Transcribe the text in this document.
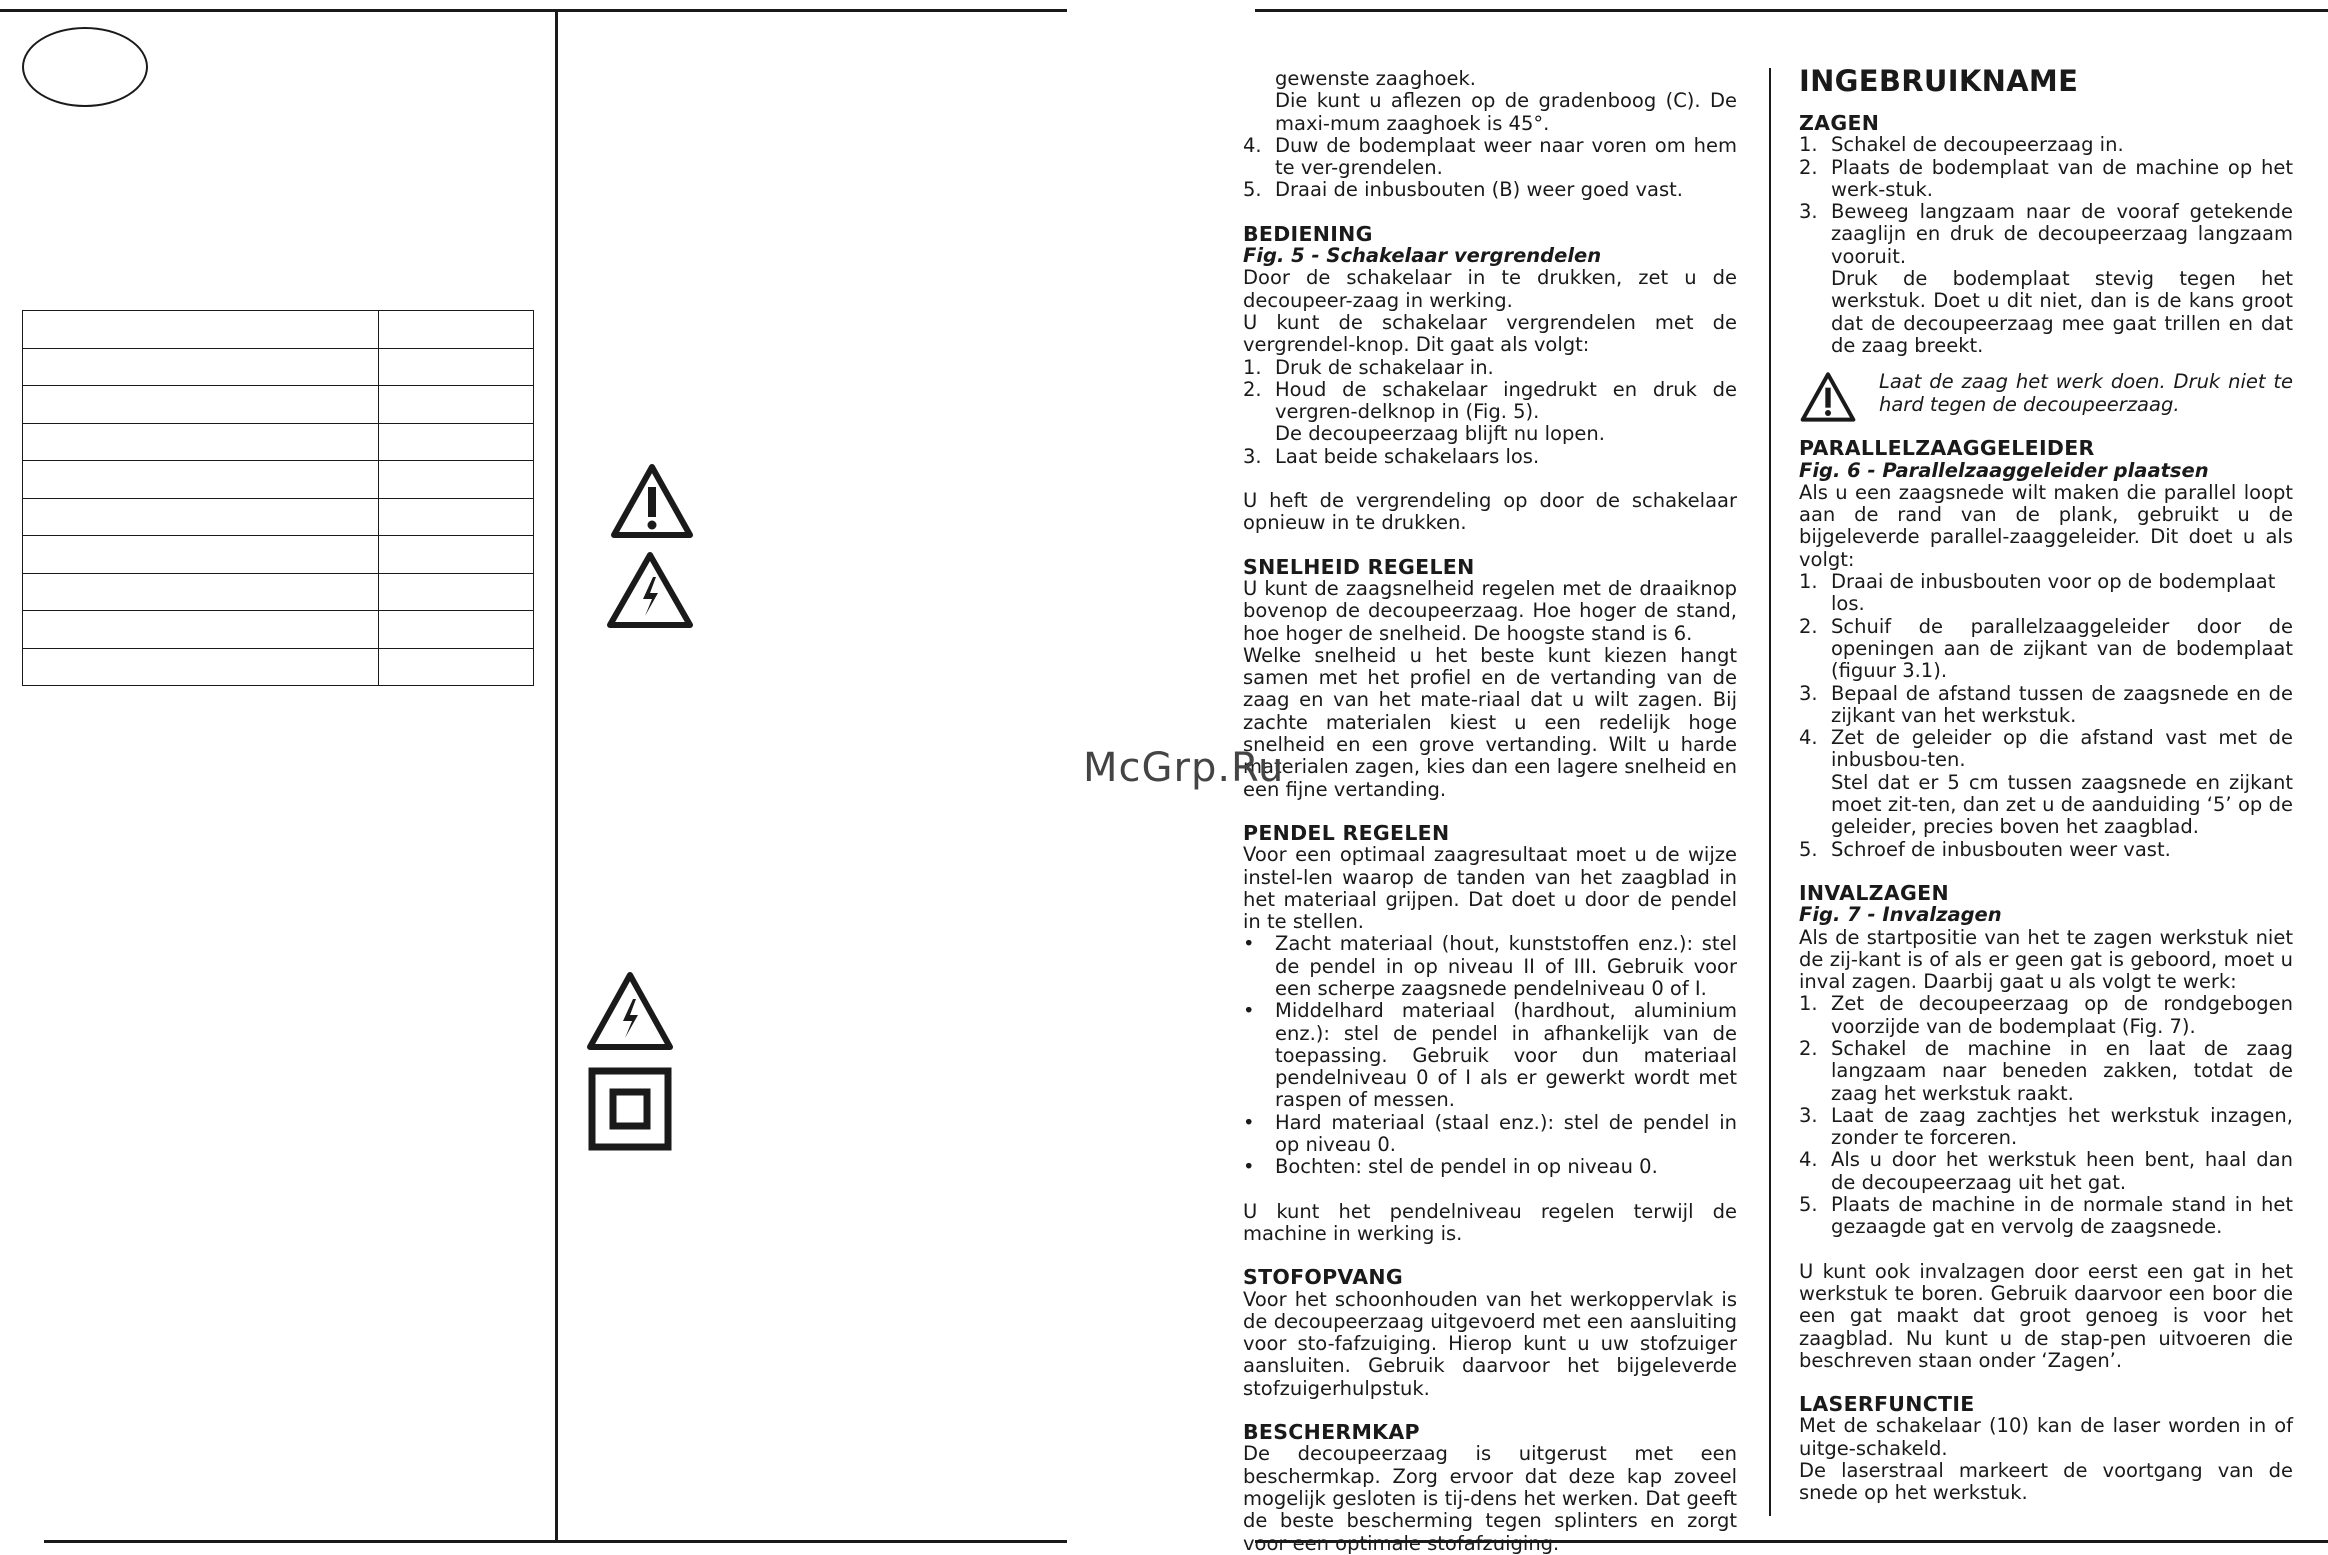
gewenste zaaghoek.

Die kunt u aflezen op de gradenboog (C). De maxi-mum zaaghoek is 45°.

4. Duw de bodemplaat weer naar voren om hem te ver-grendelen.
5. Draai de inbusbouten (B) weer goed vast.

BEDIENING

Fig. 5 - Schakelaar vergrendelen

Door de schakelaar in te drukken, zet u de decoupeer-zaag in werking.

U kunt de schakelaar vergrendelen met de vergrendel-knop. Dit gaat als volgt:

1. Druk de schakelaar in.
2. Houd de schakelaar ingedrukt en druk de vergren-delknop in (Fig. 5).
De decoupeerzaag blijft nu lopen.
3. Laat beide schakelaars los.

U heft de vergrendeling op door de schakelaar opnieuw in te drukken.

SNELHEID REGELEN

U kunt de zaagsnelheid regelen met de draaiknop bovenop de decoupeerzaag. Hoe hoger de stand, hoe hoger de snelheid. De hoogste stand is 6.

Welke snelheid u het beste kunt kiezen hangt samen met het profiel en de vertanding van de zaag en van het mate-riaal dat u wilt zagen. Bij zachte materialen kiest u een redelijk hoge snelheid en een grove vertanding. Wilt u harde materialen zagen, kies dan een lagere snelheid en een fijne vertanding.

PENDEL REGELEN

Voor een optimaal zaagresultaat moet u de wijze instel-len waarop de tanden van het zaagblad in het materiaal grijpen. Dat doet u door de pendel in te stellen.

• Zacht materiaal (hout, kunststoffen enz.): stel de pendel in op niveau II of III. Gebruik voor een scherpe zaagsnede pendelniveau 0 of I.
• Middelhard materiaal (hardhout, aluminium enz.): stel de pendel in afhankelijk van de toepassing. Gebruik voor dun materiaal pendelniveau 0 of I als er gewerkt wordt met raspen of messen.
• Hard materiaal (staal enz.): stel de pendel in op niveau 0.
• Bochten: stel de pendel in op niveau 0.

U kunt het pendelniveau regelen terwijl de machine in werking is.

STOFOPVANG

Voor het schoonhouden van het werkoppervlak is de decoupeerzaag uitgevoerd met een aansluiting voor sto-fafzuiging. Hierop kunt u uw stofzuiger aansluiten. Gebruik daarvoor het bijgeleverde stofzuigerhulpstuk.

BESCHERMKAP

De decoupeerzaag is uitgerust met een beschermkap. Zorg ervoor dat deze kap zoveel mogelijk gesloten is tij-dens het werken. Dat geeft de beste bescherming tegen splinters en zorgt voor een optimale stofafzuiging.

INGEBRUIKNAME

ZAGEN

1. Schakel de decoupeerzaag in.
2. Plaats de bodemplaat van de machine op het werk-stuk.
3. Beweeg langzaam naar de vooraf getekende zaaglijn en druk de decoupeerzaag langzaam vooruit.
Druk de bodemplaat stevig tegen het werkstuk. Doet u dit niet, dan is de kans groot dat de decoupeerzaag mee gaat trillen en dat de zaag breekt.

Laat de zaag het werk doen. Druk niet te hard tegen de decoupeerzaag.

PARALLELZAAGGELEIDER

Fig. 6 - Parallelzaaggeleider plaatsen

Als u een zaagsnede wilt maken die parallel loopt aan de rand van de plank, gebruikt u de bijgeleverde parallel-zaaggeleider. Dit doet u als volgt:

1. Draai de inbusbouten voor op de bodemplaat los.
2. Schuif de parallelzaaggeleider door de openingen aan de zijkant van de bodemplaat (figuur 3.1).
3. Bepaal de afstand tussen de zaagsnede en de zijkant van het werkstuk.
4. Zet de geleider op die afstand vast met de inbusbou-ten.
Stel dat er 5 cm tussen zaagsnede en zijkant moet zit-ten, dan zet u de aanduiding ‘5’ op de geleider, precies boven het zaagblad.
5. Schroef de inbusbouten weer vast.

INVALZAGEN

Fig. 7 - Invalzagen

Als de startpositie van het te zagen werkstuk niet de zij-kant is of als er geen gat is geboord, moet u inval zagen. Daarbij gaat u als volgt te werk:

1. Zet de decoupeerzaag op de rondgebogen voorzijde van de bodemplaat (Fig. 7).
2. Schakel de machine in en laat de zaag langzaam naar beneden zakken, totdat de zaag het werkstuk raakt.
3. Laat de zaag zachtjes het werkstuk inzagen, zonder te forceren.
4. Als u door het werkstuk heen bent, haal dan de decoupeerzaag uit het gat.
5. Plaats de machine in de normale stand in het gezaagde gat en vervolg de zaagsnede.

U kunt ook invalzagen door eerst een gat in het werkstuk te boren. Gebruik daarvoor een boor die een gat maakt dat groot genoeg is voor het zaagblad. Nu kunt u de stap-pen uitvoeren die beschreven staan onder ‘Zagen’.

LASERFUNCTIE

Met de schakelaar (10) kan de laser worden in of uitge-schakeld.

De laserstraal markeert de voortgang van de snede op het werkstuk.

McGrp.Ru
